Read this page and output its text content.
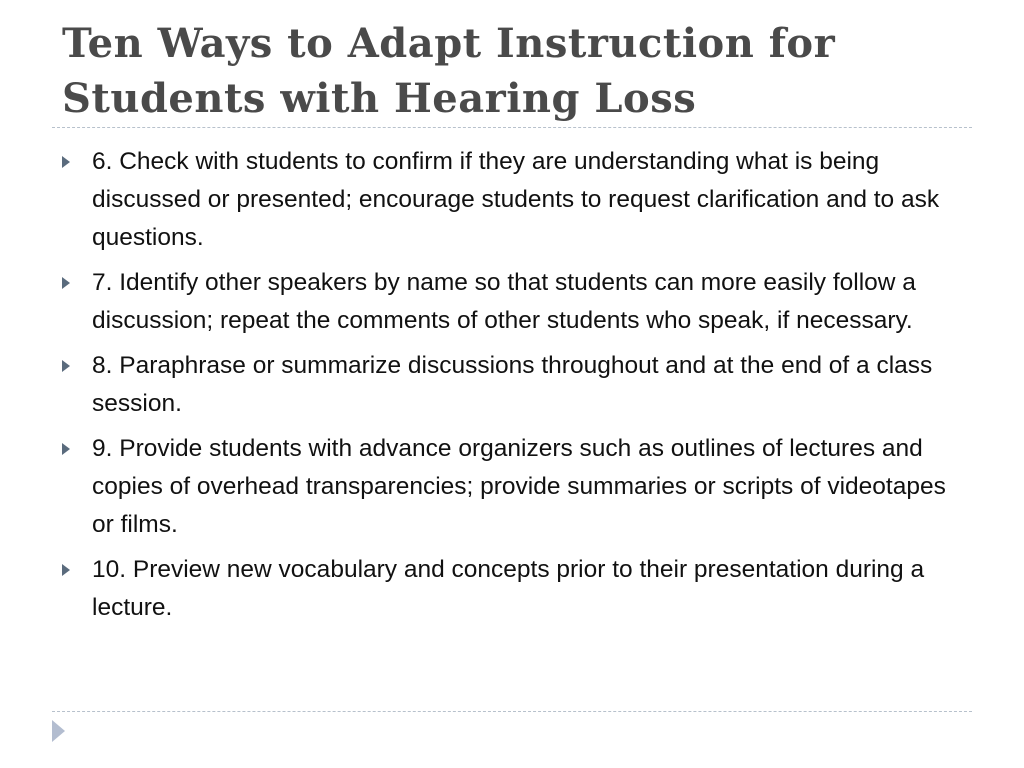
Ten Ways to Adapt Instruction for
Students with Hearing Loss
6. Check with students to confirm if they are understanding what is being discussed or presented; encourage students to request clarification and to ask questions.
7. Identify other speakers by name so that students can more easily follow a discussion; repeat the comments of other students who speak, if necessary.
8. Paraphrase or summarize discussions throughout and at the end of a class session.
9. Provide students with advance organizers such as outlines of lectures and copies of overhead transparencies; provide summaries or scripts of videotapes or films.
10. Preview new vocabulary and concepts prior to their presentation during a lecture.
